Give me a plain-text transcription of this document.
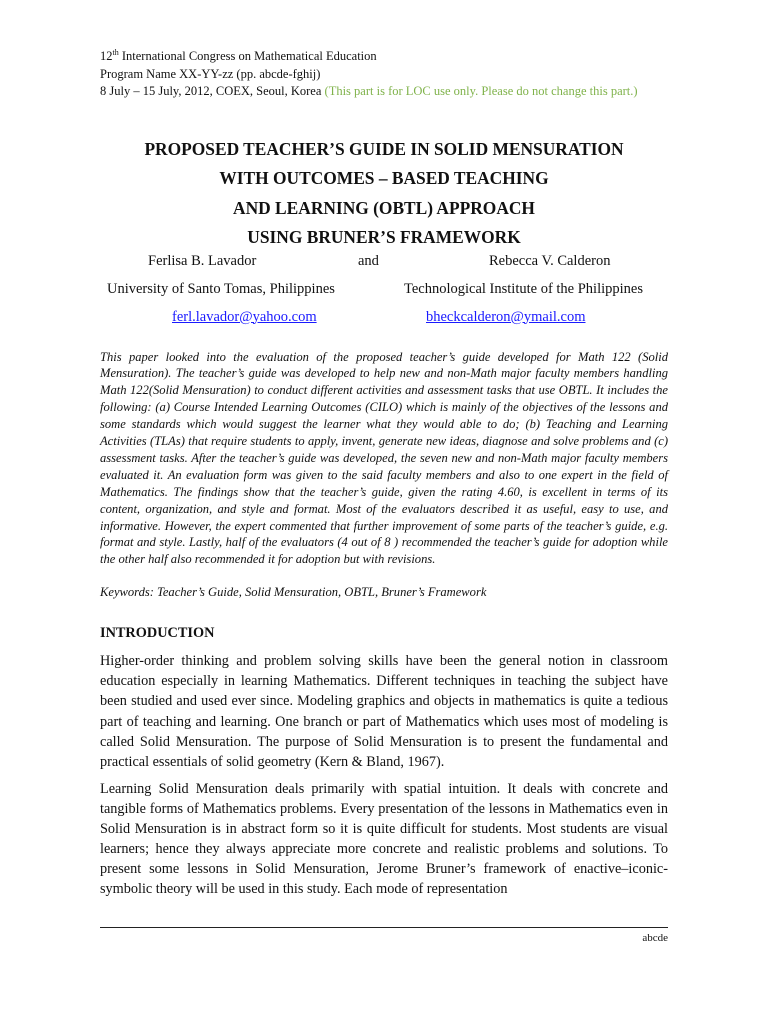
12th International Congress on Mathematical Education
Program Name XX-YY-zz (pp. abcde-fghij)
8 July – 15 July, 2012, COEX, Seoul, Korea (This part is for LOC use only. Please do not change this part.)
PROPOSED TEACHER’S GUIDE IN SOLID MENSURATION
WITH OUTCOMES – BASED TEACHING
AND LEARNING (OBTL) APPROACH
USING BRUNER’S FRAMEWORK
Ferlisa B. Lavador	and	Rebecca V. Calderon
University of Santo Tomas, Philippines	Technological Institute of the Philippines
ferl.lavador@yahoo.com	bheckcalderon@ymail.com
This paper looked into the evaluation of the proposed teacher’s guide developed for Math 122 (Solid Mensuration). The teacher’s guide was developed to help new and non-Math major faculty members handling Math 122(Solid Mensuration) to conduct different activities and assessment tasks that use OBTL. It includes the following: (a) Course Intended Learning Outcomes (CILO) which is mainly of the objectives of the lessons and some standards which would suggest the learner what they would able to do; (b) Teaching and Learning Activities (TLAs) that require students to apply, invent, generate new ideas, diagnose and solve problems and (c) assessment tasks. After the teacher’s guide was developed, the seven new and non-Math major faculty members evaluated it. An evaluation form was given to the said faculty members and also to one expert in the field of Mathematics. The findings show that the teacher’s guide, given the rating 4.60, is excellent in terms of its content, organization, and style and format. Most of the evaluators described it as useful, easy to use, and informative. However, the expert commented that further improvement of some parts of the teacher’s guide, e.g. format and style. Lastly, half of the evaluators (4 out of 8 ) recommended the teacher’s guide for adoption while the other half also recommended it for adoption but with revisions.
Keywords: Teacher’s Guide, Solid Mensuration, OBTL, Bruner’s Framework
INTRODUCTION
Higher-order thinking and problem solving skills have been the general notion in classroom education especially in learning Mathematics. Different techniques in teaching the subject have been studied and used ever since. Modeling graphics and objects in mathematics is quite a tedious part of teaching and learning. One branch or part of Mathematics which uses most of modeling is called Solid Mensuration. The purpose of Solid Mensuration is to present the fundamental and practical essentials of solid geometry (Kern & Bland, 1967).
Learning Solid Mensuration deals primarily with spatial intuition. It deals with concrete and tangible forms of Mathematics problems. Every presentation of the lessons in Mathematics even in Solid Mensuration is in abstract form so it is quite difficult for students. Most students are visual learners; hence they always appreciate more concrete and realistic problems and solutions. To present some lessons in Solid Mensuration, Jerome Bruner’s framework of enactive–iconic-symbolic theory will be used in this study. Each mode of representation
abcde
